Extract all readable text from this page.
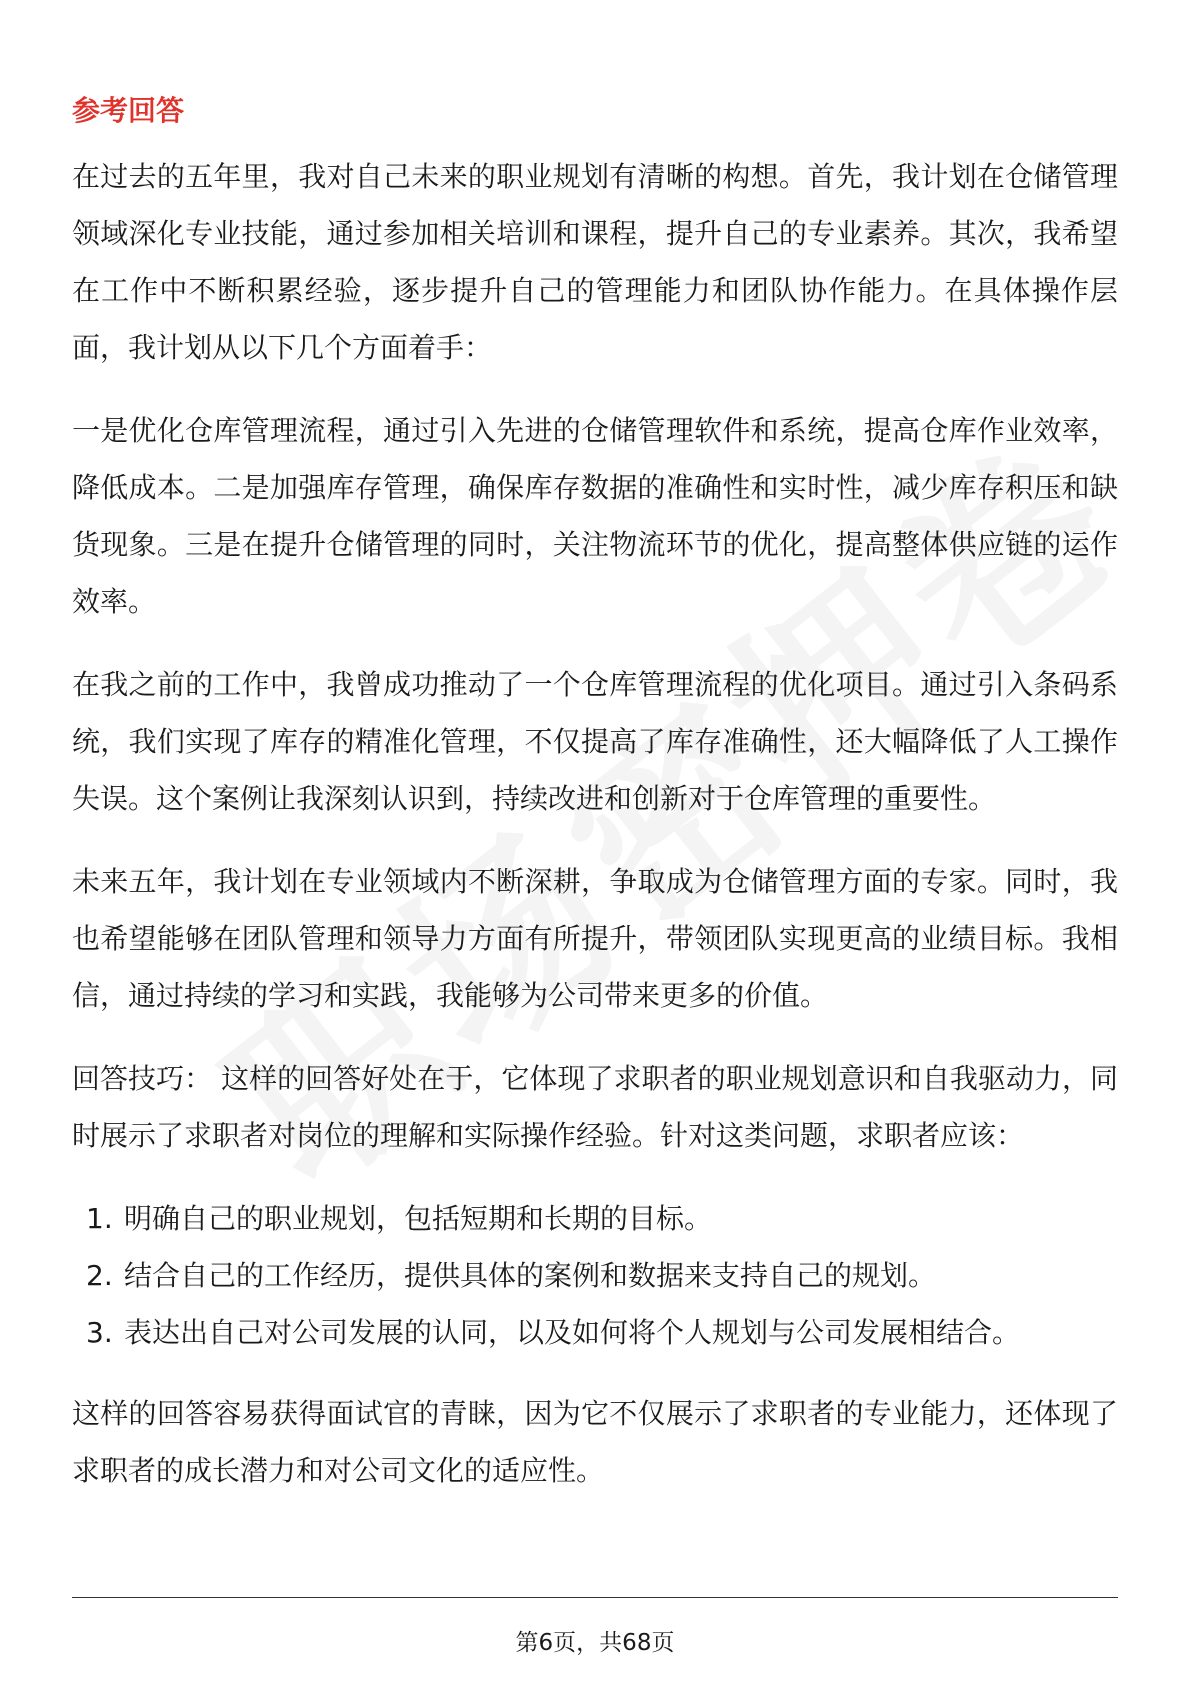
参考回答

在过去的五年里，我对自己未来的职业规划有清晰的构想。首先，我计划在仓储管理领域深化专业技能，通过参加相关培训和课程，提升自己的专业素养。其次，我希望在工作中不断积累经验，逐步提升自己的管理能力和团队协作能力。在具体操作层面，我计划从以下几个方面着手：

一是优化仓库管理流程，通过引入先进的仓储管理软件和系统，提高仓库作业效率，降低成本。二是加强库存管理，确保库存数据的准确性和实时性，减少库存积压和缺货现象。三是在提升仓储管理的同时，关注物流环节的优化，提高整体供应链的运作效率。

在我之前的工作中，我曾成功推动了一个仓库管理流程的优化项目。通过引入条码系统，我们实现了库存的精准化管理，不仅提高了库存准确性，还大幅降低了人工操作失误。这个案例让我深刻认识到，持续改进和创新对于仓库管理的重要性。

未来五年，我计划在专业领域内不断深耕，争取成为仓储管理方面的专家。同时，我也希望能够在团队管理和领导力方面有所提升，带领团队实现更高的业绩目标。我相信，通过持续的学习和实践，我能够为公司带来更多的价值。

回答技巧： 这样的回答好处在于，它体现了求职者的职业规划意识和自我驱动力，同时展示了求职者对岗位的理解和实际操作经验。针对这类问题，求职者应该：

1. 明确自己的职业规划，包括短期和长期的目标。
2. 结合自己的工作经历，提供具体的案例和数据来支持自己的规划。
3. 表达出自己对公司发展的认同，以及如何将个人规划与公司发展相结合。

这样的回答容易获得面试官的青睐，因为它不仅展示了求职者的专业能力，还体现了求职者的成长潜力和对公司文化的适应性。

第6页，共68页
